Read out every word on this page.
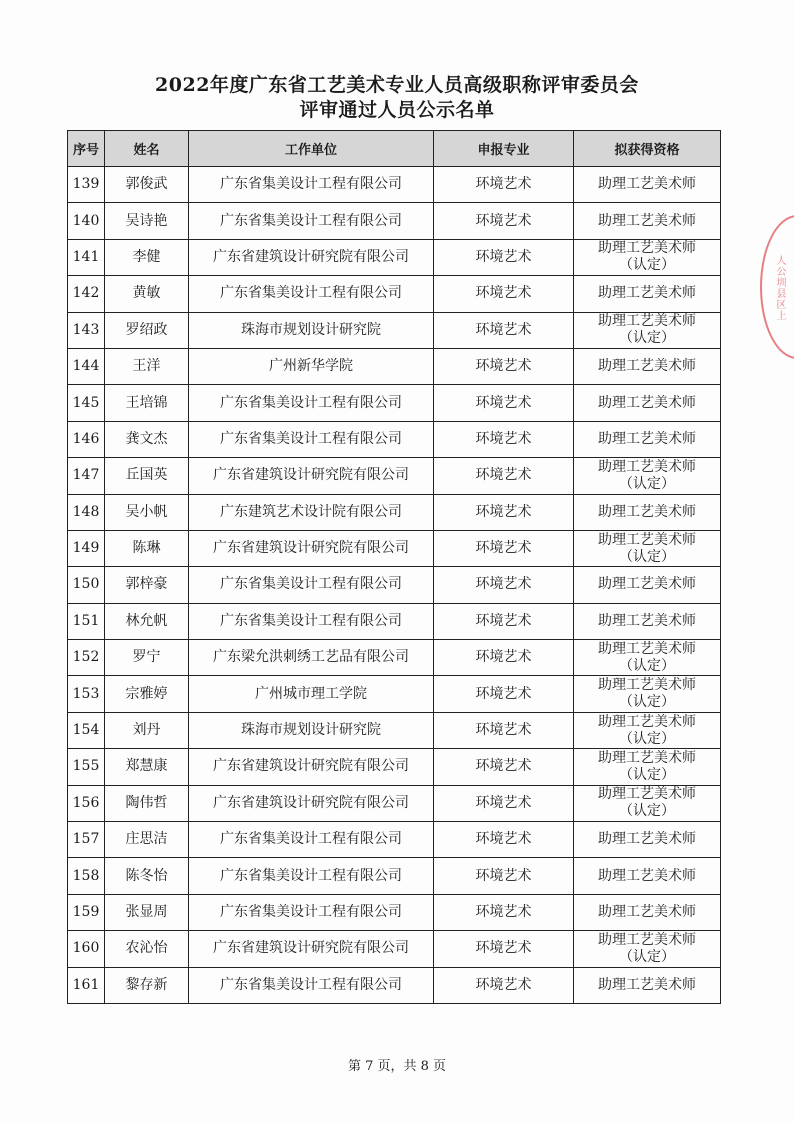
2022年度广东省工艺美术专业人员高级职称评审委员会
评审通过人员公示名单
序号	姓名	工作单位	申报专业	拟获得资格
139	郭俊武	广东省集美设计工程有限公司	环境艺术	助理工艺美术师

140	吴诗艳	广东省集美设计工程有限公司	环境艺术	助理工艺美术师

141	李健	广东省建筑设计研究院有限公司	环境艺术	助理工艺美术师
（认定）

142	黄敏	广东省集美设计工程有限公司	环境艺术	助理工艺美术师

143	罗绍政	珠海市规划设计研究院	环境艺术	助理工艺美术师
（认定）

144	王洋	广州新华学院	环境艺术	助理工艺美术师

145	王培锦	广东省集美设计工程有限公司	环境艺术	助理工艺美术师

146	龚文杰	广东省集美设计工程有限公司	环境艺术	助理工艺美术师

147	丘国英	广东省建筑设计研究院有限公司	环境艺术	助理工艺美术师
（认定）

148	吴小帆	广东建筑艺术设计院有限公司	环境艺术	助理工艺美术师

149	陈琳	广东省建筑设计研究院有限公司	环境艺术	助理工艺美术师
（认定）

150	郭梓豪	广东省集美设计工程有限公司	环境艺术	助理工艺美术师

151	林允帆	广东省集美设计工程有限公司	环境艺术	助理工艺美术师

152	罗宁	广东梁允洪刺绣工艺品有限公司	环境艺术	助理工艺美术师
（认定）

153	宗雅婷	广州城市理工学院	环境艺术	助理工艺美术师
（认定）

154	刘丹	珠海市规划设计研究院	环境艺术	助理工艺美术师
（认定）

155	郑慧康	广东省建筑设计研究院有限公司	环境艺术	助理工艺美术师
（认定）

156	陶伟哲	广东省建筑设计研究院有限公司	环境艺术	助理工艺美术师
（认定）

157	庄思洁	广东省集美设计工程有限公司	环境艺术	助理工艺美术师

158	陈冬怡	广东省集美设计工程有限公司	环境艺术	助理工艺美术师

159	张显周	广东省集美设计工程有限公司	环境艺术	助理工艺美术师

160	农沁怡	广东省建筑设计研究院有限公司	环境艺术	助理工艺美术师
（认定）

161	黎存新	广东省集美设计工程有限公司	环境艺术	助理工艺美术师
人公圳县区上
第 7 页，共 8 页
